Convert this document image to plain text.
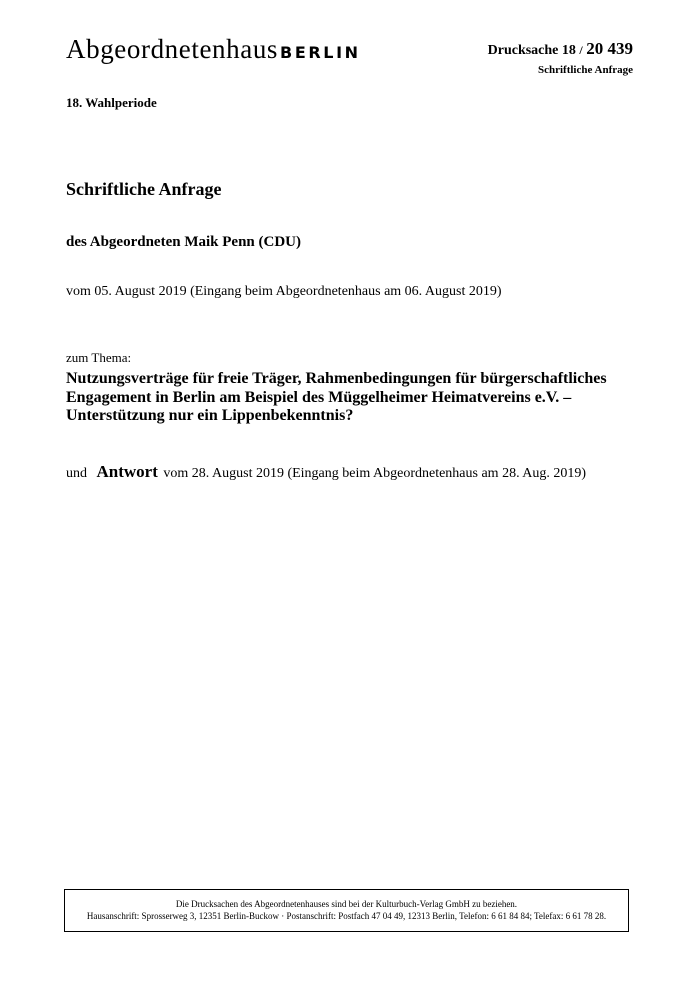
Abgeordnetenhaus BERLIN	Drucksache 18 / 20 439
Schriftliche Anfrage
18. Wahlperiode
Schriftliche Anfrage
des Abgeordneten Maik Penn (CDU)
vom 05. August 2019 (Eingang beim Abgeordnetenhaus am 06. August 2019)
zum Thema:
Nutzungsverträge für freie Träger, Rahmenbedingungen für bürgerschaftliches Engagement in Berlin am Beispiel des Müggelheimer Heimatvereins e.V. – Unterstützung nur ein Lippenbekenntnis?
und Antwort vom 28. August 2019 (Eingang beim Abgeordnetenhaus am 28. Aug. 2019)
Die Drucksachen des Abgeordnetenhauses sind bei der Kulturbuch-Verlag GmbH zu beziehen.
Hausanschrift: Sprosserweg 3, 12351 Berlin-Buckow · Postanschrift: Postfach 47 04 49, 12313 Berlin, Telefon: 6 61 84 84; Telefax: 6 61 78 28.
